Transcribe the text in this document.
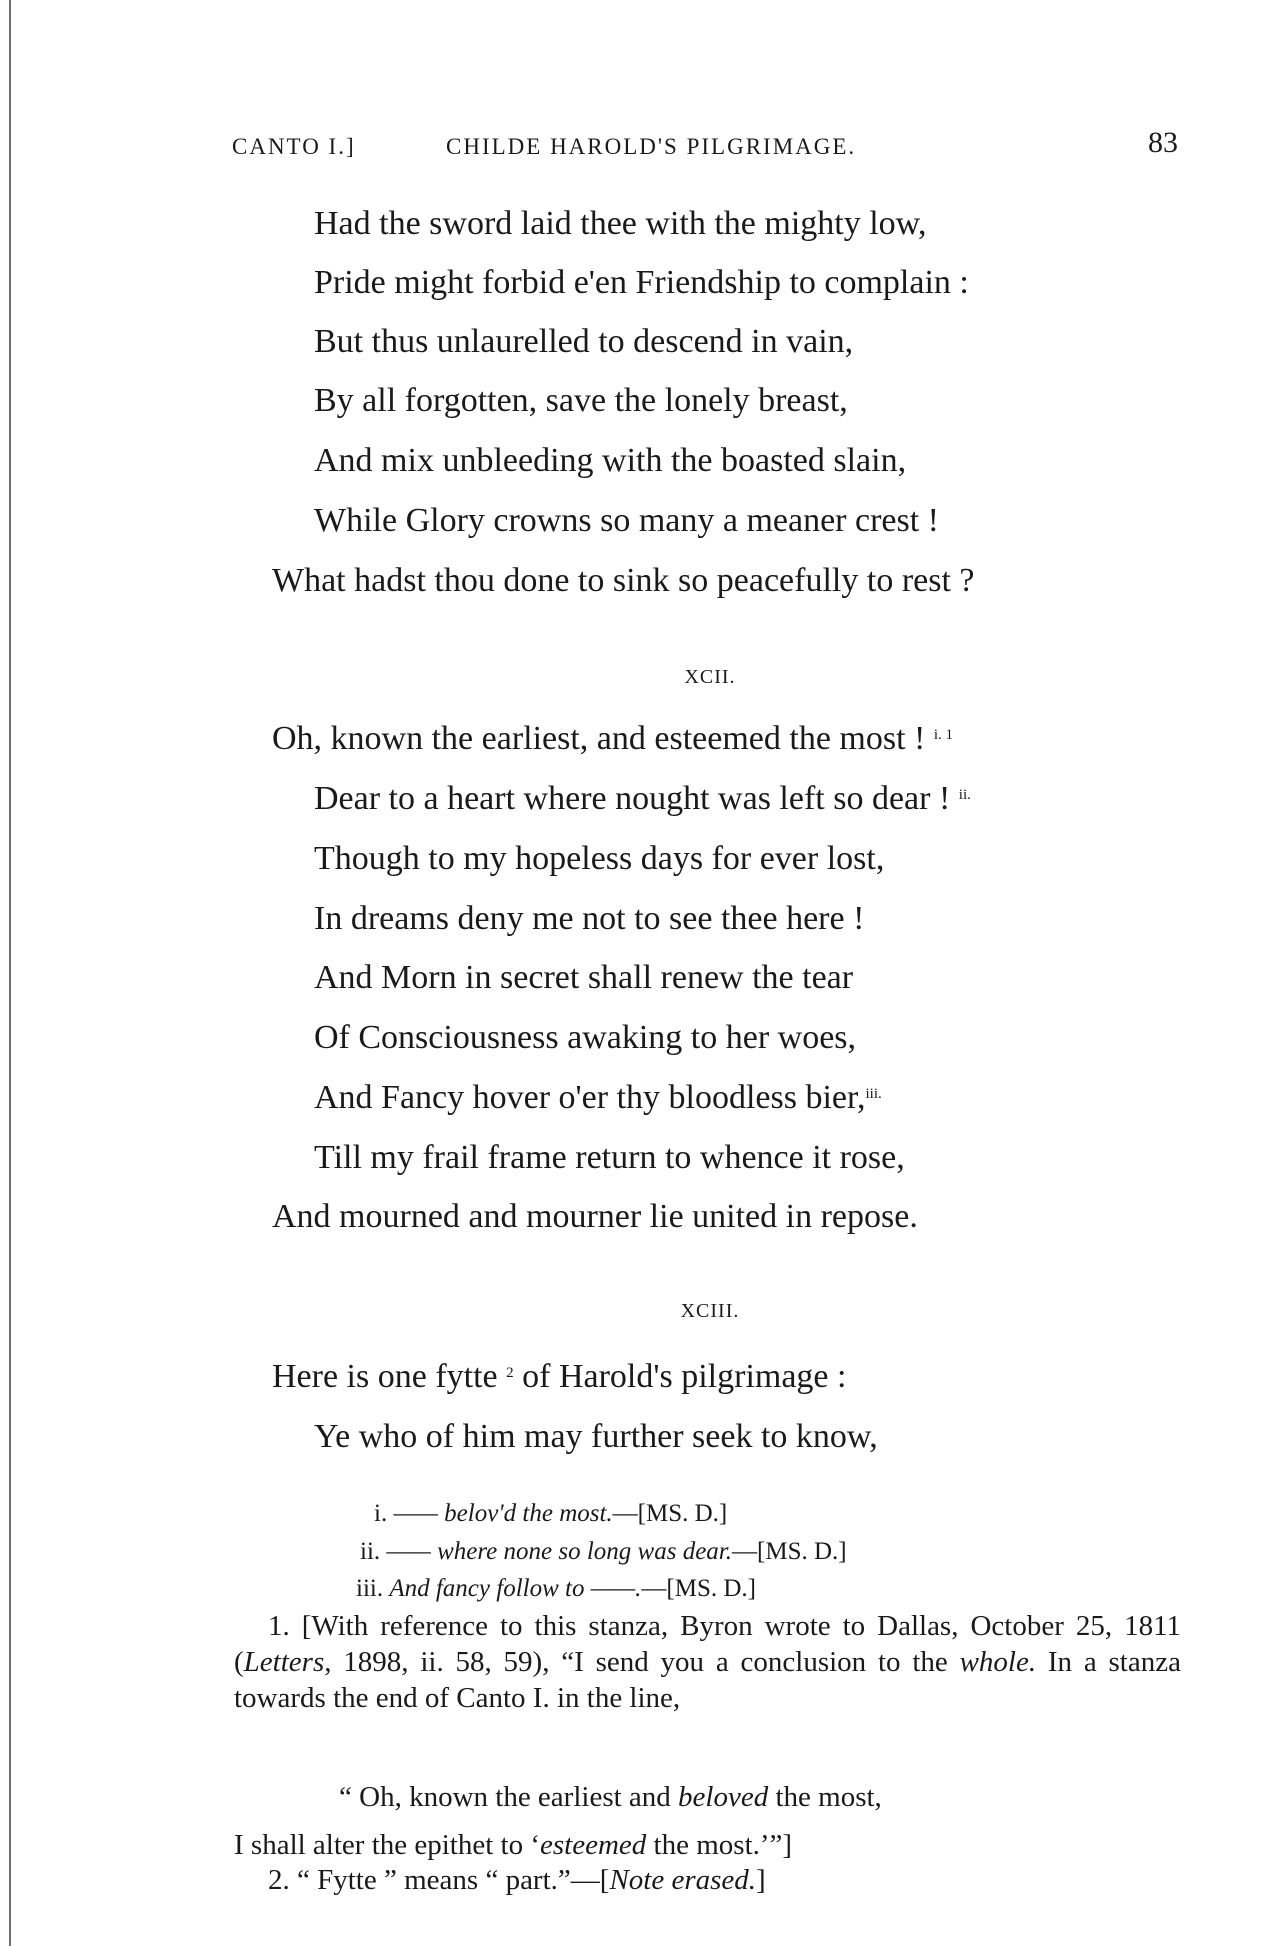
CANTO I.]	CHILDE HAROLD'S PILGRIMAGE.	83
Had the sword laid thee with the mighty low,
Pride might forbid e'en Friendship to complain :
But thus unlaurelled to descend in vain,
By all forgotten, save the lonely breast,
And mix unbleeding with the boasted slain,
While Glory crowns so many a meaner crest !
What hadst thou done to sink so peacefully to rest ?
XCII.
Oh, known the earliest, and esteemed the most ! $^{i. 1}$
Dear to a heart where nought was left so dear ! $^{ii.}$
Though to my hopeless days for ever lost,
In dreams deny me not to see thee here !
And Morn in secret shall renew the tear
Of Consciousness awaking to her woes,
And Fancy hover o'er thy bloodless bier,$^{iii.}$
Till my frail frame return to whence it rose,
And mourned and mourner lie united in repose.
XCIII.
Here is one fytte $^2$ of Harold's pilgrimage :
Ye who of him may further seek to know,
i. —— belov'd the most.—[MS. D.]
ii. —— where none so long was dear.—[MS. D.]
iii. And fancy follow to ——.—[MS. D.]
1. [With reference to this stanza, Byron wrote to Dallas, October 25, 1811 (Letters, 1898, ii. 58, 59), “I send you a conclusion to the whole. In a stanza towards the end of Canto I. in the line,
“ Oh, known the earliest and beloved the most,
I shall alter the epithet to ‘esteemed the most.’”]
2. “ Fytte ” means “ part.”—[Note erased.]
